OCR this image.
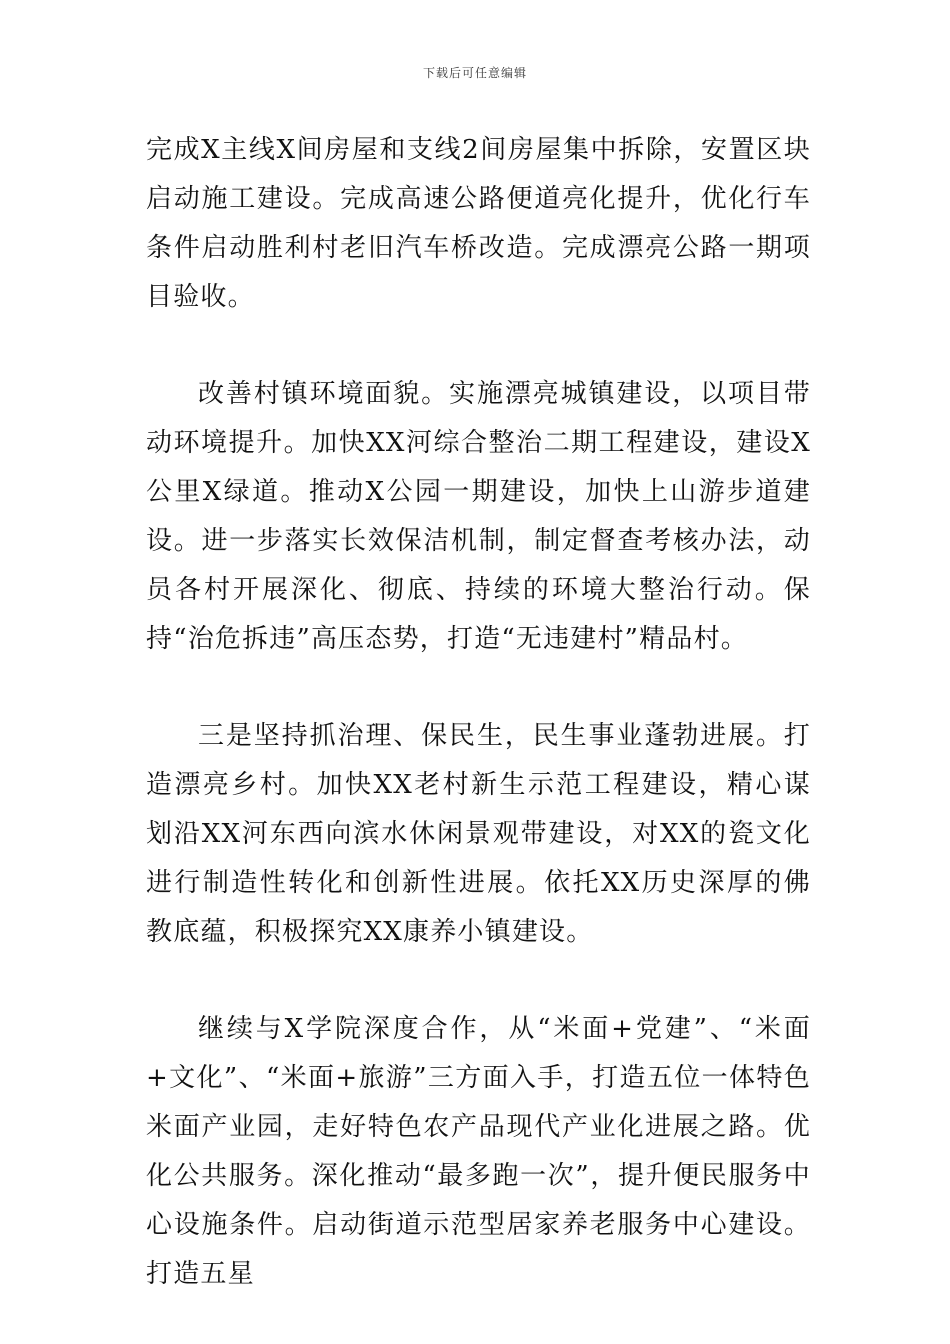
下载后可任意编辑

完成X主线X间房屋和支线2间房屋集中拆除，安置区块启动施工建设。完成高速公路便道亮化提升，优化行车条件启动胜利村老旧汽车桥改造。完成漂亮公路一期项目验收。

改善村镇环境面貌。实施漂亮城镇建设，以项目带动环境提升。加快XX河综合整治二期工程建设，建设X公里X绿道。推动X公园一期建设，加快上山游步道建设。进一步落实长效保洁机制，制定督查考核办法，动员各村开展深化、彻底、持续的环境大整治行动。保持“治危拆违”高压态势，打造“无违建村”精品村。

三是坚持抓治理、保民生，民生事业蓬勃进展。打造漂亮乡村。加快XX老村新生示范工程建设，精心谋划沿XX河东西向滨水休闲景观带建设，对XX的瓷文化进行制造性转化和创新性进展。依托XX历史深厚的佛教底蕴，积极探究XX康养小镇建设。

继续与X学院深度合作，从“米面+党建”、“米面+文化”、“米面+旅游”三方面入手，打造五位一体特色米面产业园，走好特色农产品现代产业化进展之路。优化公共服务。深化推动“最多跑一次”，提升便民服务中心设施条件。启动街道示范型居家养老服务中心建设。打造五星
